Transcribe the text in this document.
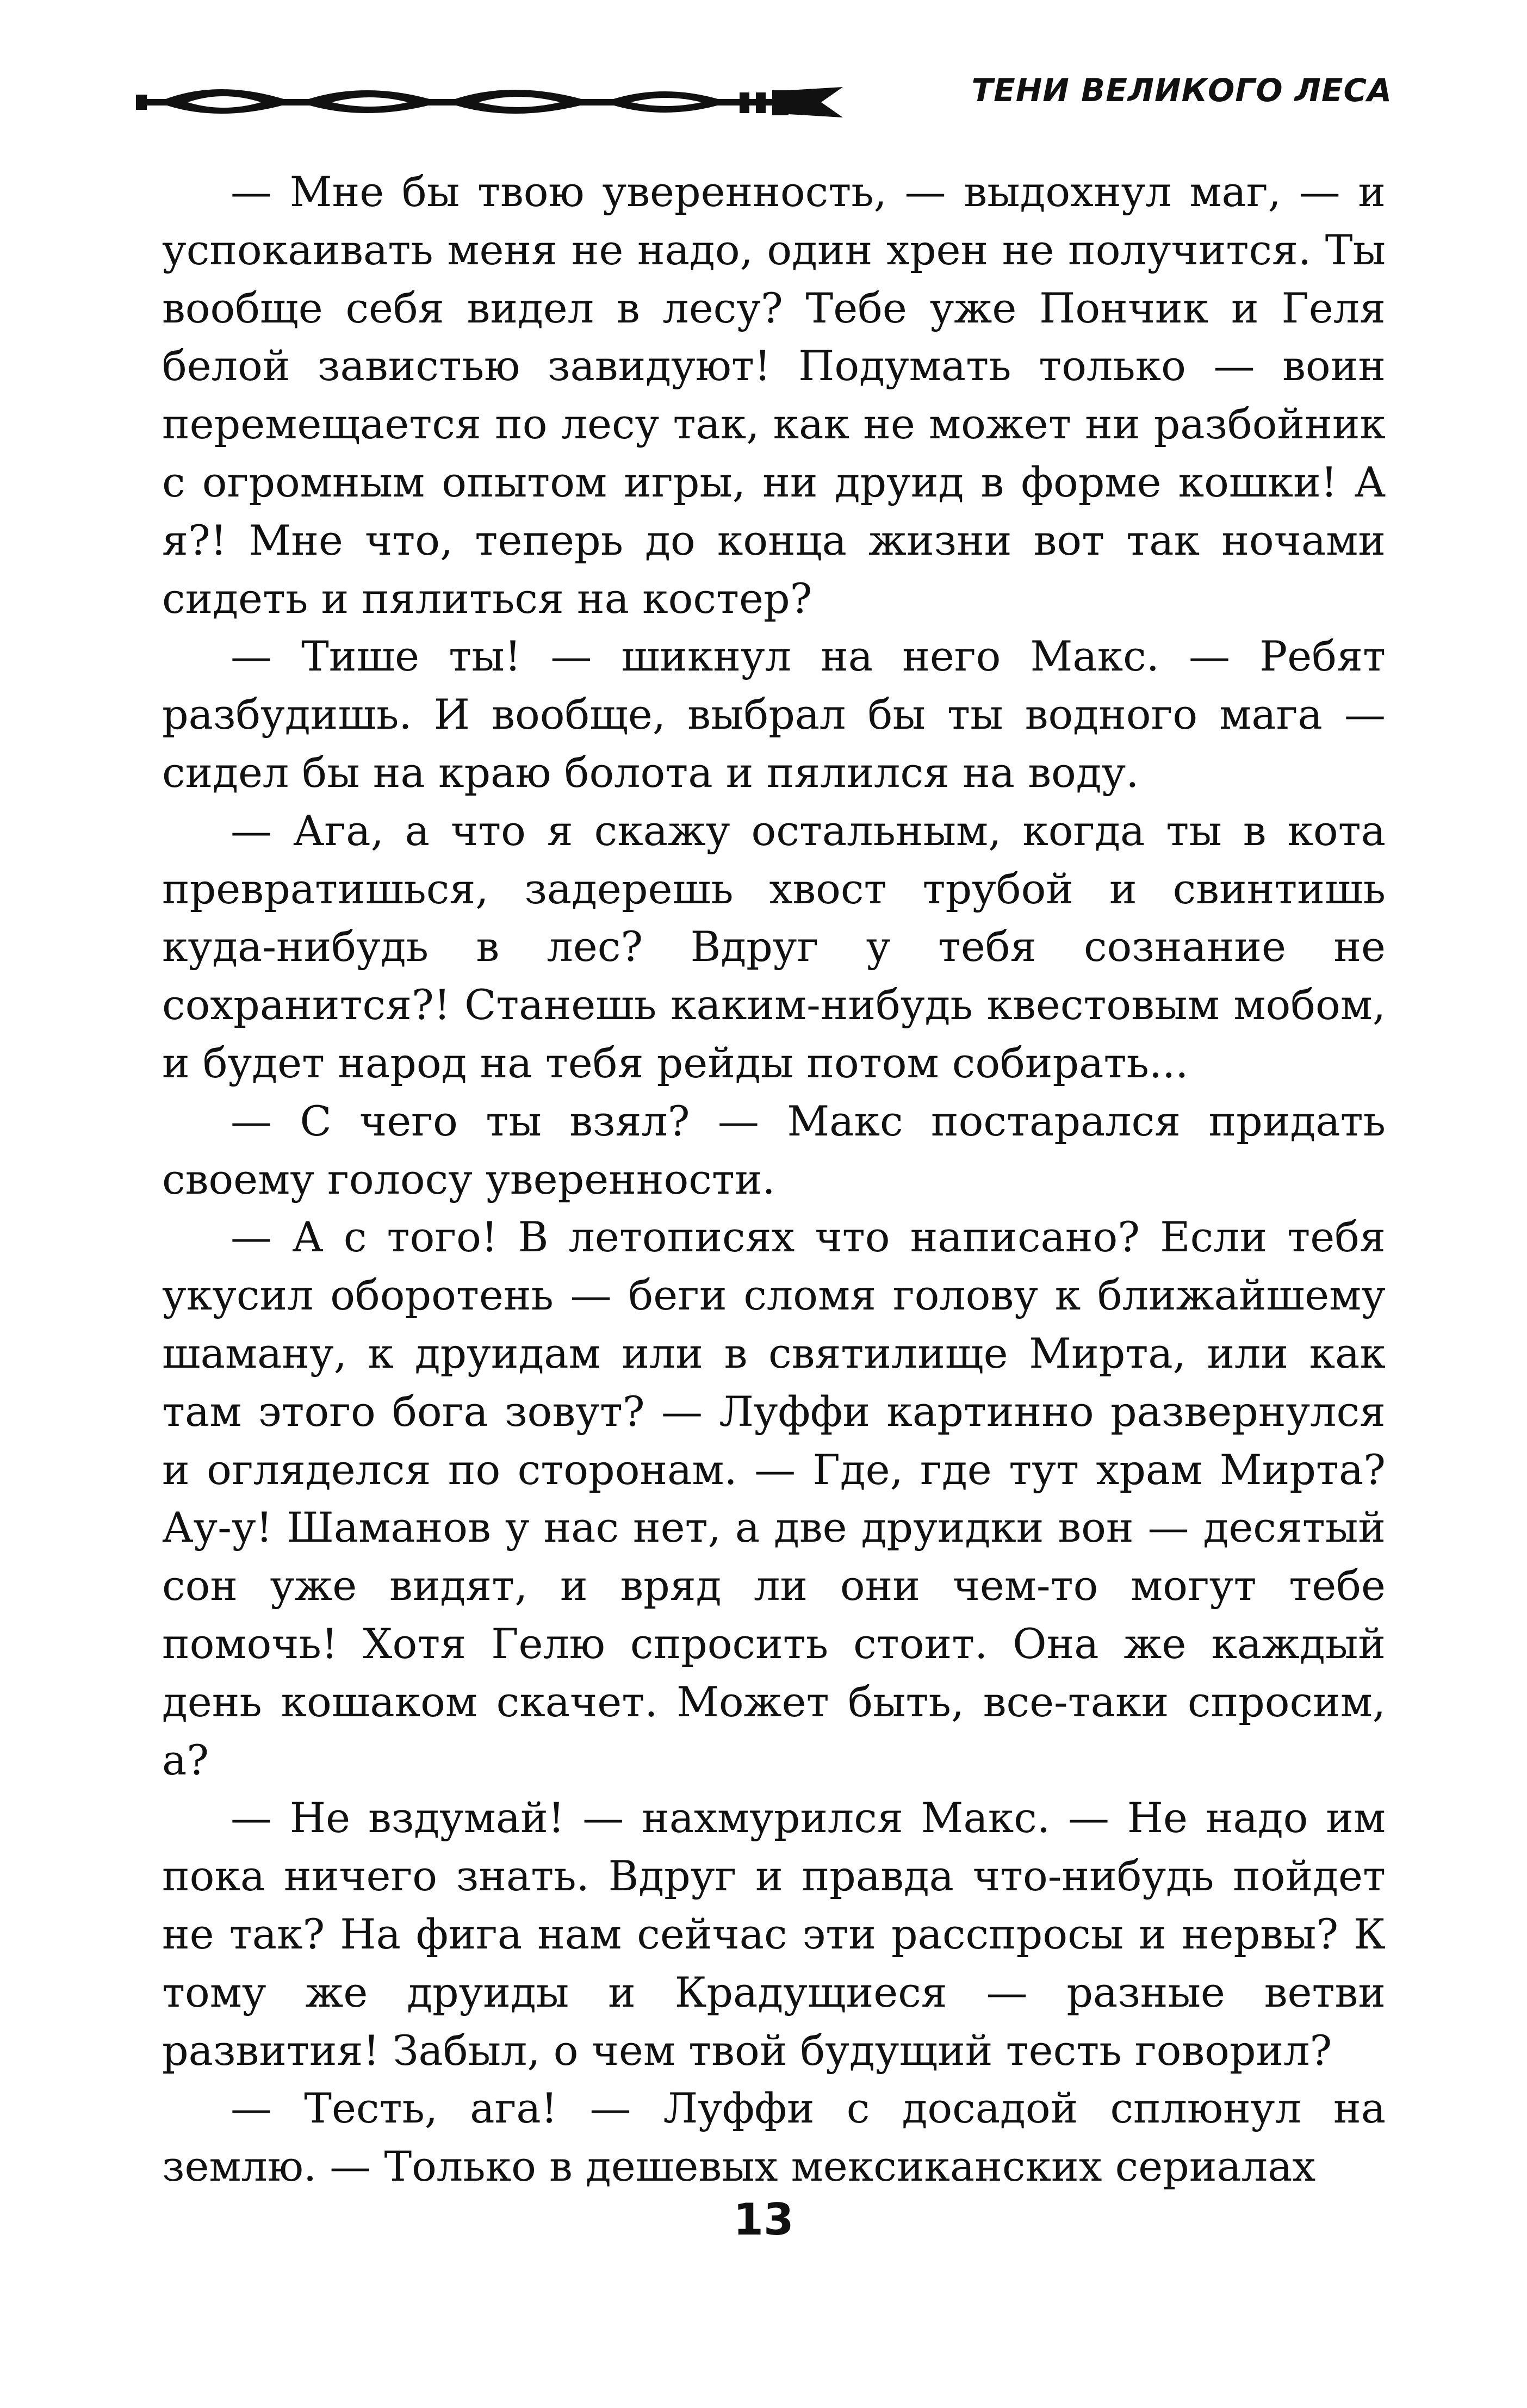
ТЕНИ ВЕЛИКОГО ЛЕСА

— Мне бы твою уверенность, — выдохнул маг, — и успокаивать меня не надо, один хрен не получится. Ты вообще себя видел в лесу? Тебе уже Пончик и Геля белой завистью завидуют! Подумать только — воин перемещается по лесу так, как не может ни разбойник с огромным опытом игры, ни друид в форме кошки! А я?! Мне что, теперь до конца жизни вот так ночами сидеть и пялиться на костер?

— Тише ты! — шикнул на него Макс. — Ребят разбудишь. И вообще, выбрал бы ты водного мага — сидел бы на краю болота и пялился на воду.

— Ага, а что я скажу остальным, когда ты в кота превратишься, задерешь хвост трубой и свинтишь куда-нибудь в лес? Вдруг у тебя сознание не сохранится?! Станешь каким-нибудь квестовым мобом, и будет народ на тебя рейды потом собирать...

— С чего ты взял? — Макс постарался придать своему голосу уверенности.

— А с того! В летописях что написано? Если тебя укусил оборотень — беги сломя голову к ближайшему шаману, к друидам или в святилище Мирта, или как там этого бога зовут? — Луффи картинно развернулся и огляделся по сторонам. — Где, где тут храм Мирта? Ау-у! Шаманов у нас нет, а две друидки вон — десятый сон уже видят, и вряд ли они чем-то могут тебе помочь! Хотя Гелю спросить стоит. Она же каждый день кошаком скачет. Может быть, все-таки спросим, а?

— Не вздумай! — нахмурился Макс. — Не надо им пока ничего знать. Вдруг и правда что-нибудь пойдет не так? На фига нам сейчас эти расспросы и нервы? К тому же друиды и Крадущиеся — разные ветви развития! Забыл, о чем твой будущий тесть говорил?

— Тесть, ага! — Луффи с досадой сплюнул на землю. — Только в дешевых мексиканских сериалах

13
